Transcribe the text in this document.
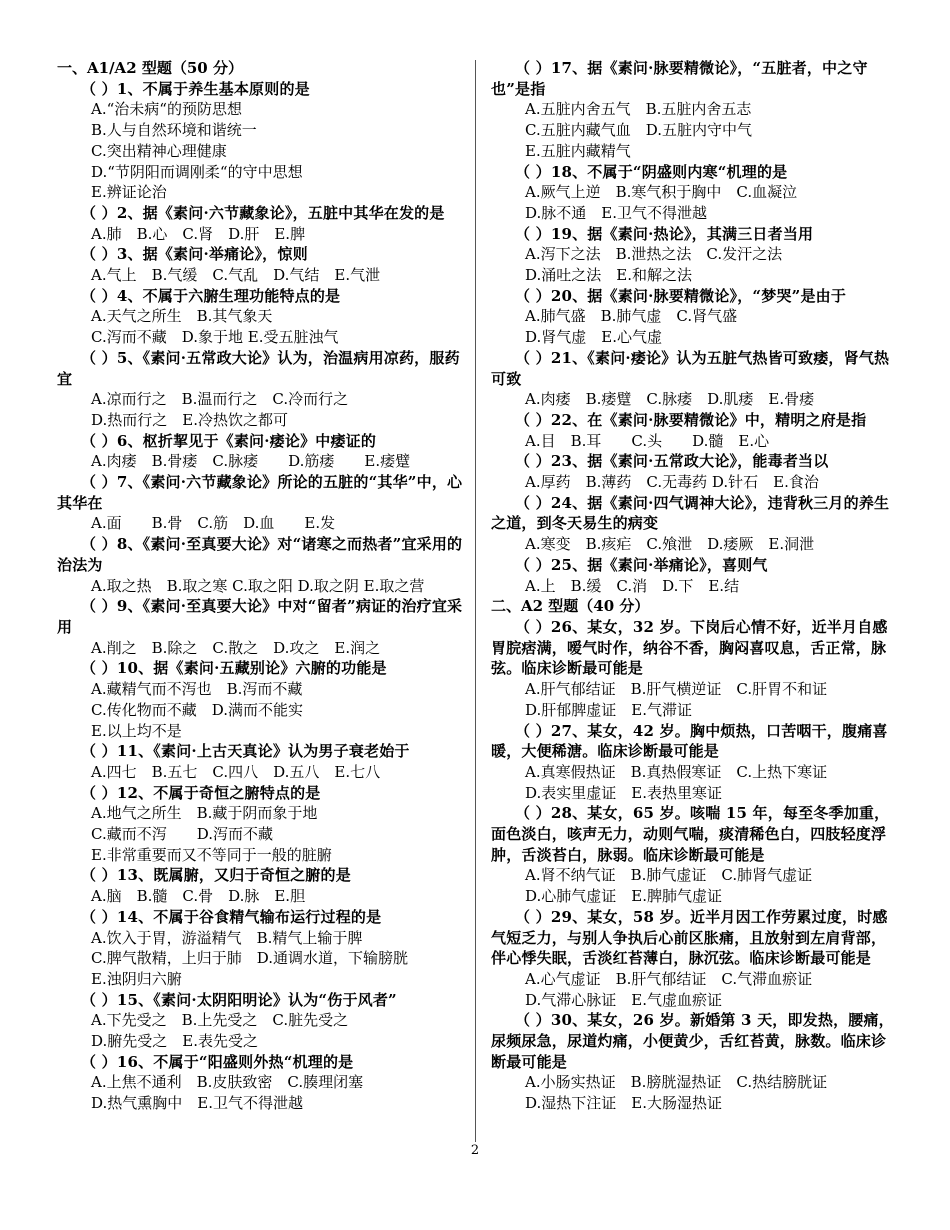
一、A1/A2 型题（50 分）

（ ）1、不属于养生基本原则的是

A.“治未病“的预防思想

B.人与自然环境和谐统一

C.突出精神心理健康

D.“节阴阳而调刚柔“的守中思想

E.辨证论治

（ ）2、据《素问·六节藏象论》，五脏中其华在发的是

A.肺　B.心　C.肾　D.肝　E.脾

（ ）3、据《素问·举痛论》，惊则

A.气上　B.气缓　C.气乱　D.气结　E.气泄

（ ）4、不属于六腑生理功能特点的是

A.天气之所生　B.其气象天

C.泻而不藏　D.象于地 E.受五脏浊气

（ ）5、《素问·五常政大论》认为，治温病用凉药，服药宜

A.凉而行之　B.温而行之　C.冷而行之

D.热而行之　E.冷热饮之都可

（ ）6、枢折挈见于《素问·痿论》中痿证的

A.肉痿　B.骨痿　C.脉痿　　D.筋痿　　E.痿躄

（ ）7、《素问·六节藏象论》所论的五脏的“其华”中，心其华在

A.面　　B.骨　C.筋　D.血　　E.发

（ ）8、《素问·至真要大论》对“诸寒之而热者”宜采用的治法为

A.取之热　B.取之寒 C.取之阳 D.取之阴 E.取之营

（ ）9、《素问·至真要大论》中对“留者”病证的治疗宜采用

A.削之　B.除之　C.散之　D.攻之　E.润之

（ ）10、据《素问·五藏别论》六腑的功能是

A.藏精气而不泻也　B.泻而不藏

C.传化物而不藏　D.满而不能实

E.以上均不是

（ ）11、《素问·上古天真论》认为男子衰老始于

A.四七　B.五七　C.四八　D.五八　E.七八

（ ）12、不属于奇恒之腑特点的是

A.地气之所生　B.藏于阴而象于地

C.藏而不泻　　D.泻而不藏

E.非常重要而又不等同于一般的脏腑

（ ）13、既属腑，又归于奇恒之腑的是

A.脑　B.髓　C.骨　D.脉　E.胆

（ ）14、不属于谷食精气输布运行过程的是

A.饮入于胃，游溢精气　B.精气上输于脾

C.脾气散精，上归于肺　D.通调水道，下输膀胱

E.浊阴归六腑

（ ）15、《素问·太阴阳明论》认为“伤于风者”

A.下先受之　B.上先受之　C.脏先受之

D.腑先受之　E.表先受之

（ ）16、不属于“阳盛则外热“机理的是

A.上焦不通利　B.皮肤致密　C.腠理闭塞

D.热气熏胸中　E.卫气不得泄越

（ ）17、据《素问·脉要精微论》，“五脏者，中之守也”是指

A.五脏内舍五气　B.五脏内舍五志

C.五脏内藏气血　D.五脏内守中气

E.五脏内藏精气

（ ）18、不属于“阴盛则内寒“机理的是

A.厥气上逆　B.寒气积于胸中　C.血凝泣

D.脉不通　E.卫气不得泄越

（ ）19、据《素问·热论》，其满三日者当用

A.泻下之法　B.泄热之法　C.发汗之法

D.涌吐之法　E.和解之法

（ ）20、据《素问·脉要精微论》，“梦哭”是由于

A.肺气盛　B.肺气虚　C.肾气盛

D.肾气虚　E.心气虚

（ ）21、《素问·痿论》认为五脏气热皆可致痿，肾气热可致

A.肉痿　B.痿躄　C.脉痿　D.肌痿　E.骨痿

（ ）22、在《素问·脉要精微论》中，精明之府是指

A.目　B.耳　　C.头　　D.髓　E.心

（ ）23、据《素问·五常政大论》，能毒者当以

A.厚药　B.薄药　C.无毒药 D.针石　E.食治

（ ）24、据《素问·四气调神大论》，违背秋三月的养生之道，到冬天易生的病变

A.寒变　B.痎疟　C.飧泄　D.痿厥　E.洞泄

（ ）25、据《素问·举痛论》，喜则气

A.上　B.缓　C.消　D.下　E.结

二、A2 型题（40 分）

（ ）26、某女，32 岁。下岗后心情不好，近半月自感胃脘痞满，嗳气时作，纳谷不香，胸闷喜叹息，舌正常，脉弦。临床诊断最可能是

A.肝气郁结证　B.肝气横逆证　C.肝胃不和证

D.肝郁脾虚证　E.气滞证

（ ）27、某女，42 岁。胸中烦热，口苦咽干，腹痛喜暖，大便稀溏。临床诊断最可能是

A.真寒假热证　B.真热假寒证　C.上热下寒证

D.表实里虚证　E.表热里寒证

（ ）28、某女，65 岁。咳喘 15 年，每至冬季加重，面色淡白，咳声无力，动则气喘，痰清稀色白，四肢轻度浮肿，舌淡苔白，脉弱。临床诊断最可能是

A.肾不纳气证　B.肺气虚证　C.肺肾气虚证

D.心肺气虚证　E.脾肺气虚证

（ ）29、某女，58 岁。近半月因工作劳累过度，时感气短乏力，与别人争执后心前区胀痛，且放射到左肩背部，伴心悸失眠，舌淡红苔薄白，脉沉弦。临床诊断最可能是

A.心气虚证　B.肝气郁结证　C.气滞血瘀证

D.气滞心脉证　E.气虚血瘀证

（ ）30、某女，26 岁。新婚第 3 天，即发热，腰痛，尿频尿急，尿道灼痛，小便黄少，舌红苔黄，脉数。临床诊断最可能是

A.小肠实热证　B.膀胱湿热证　C.热结膀胱证

D.湿热下注证　E.大肠湿热证

2
